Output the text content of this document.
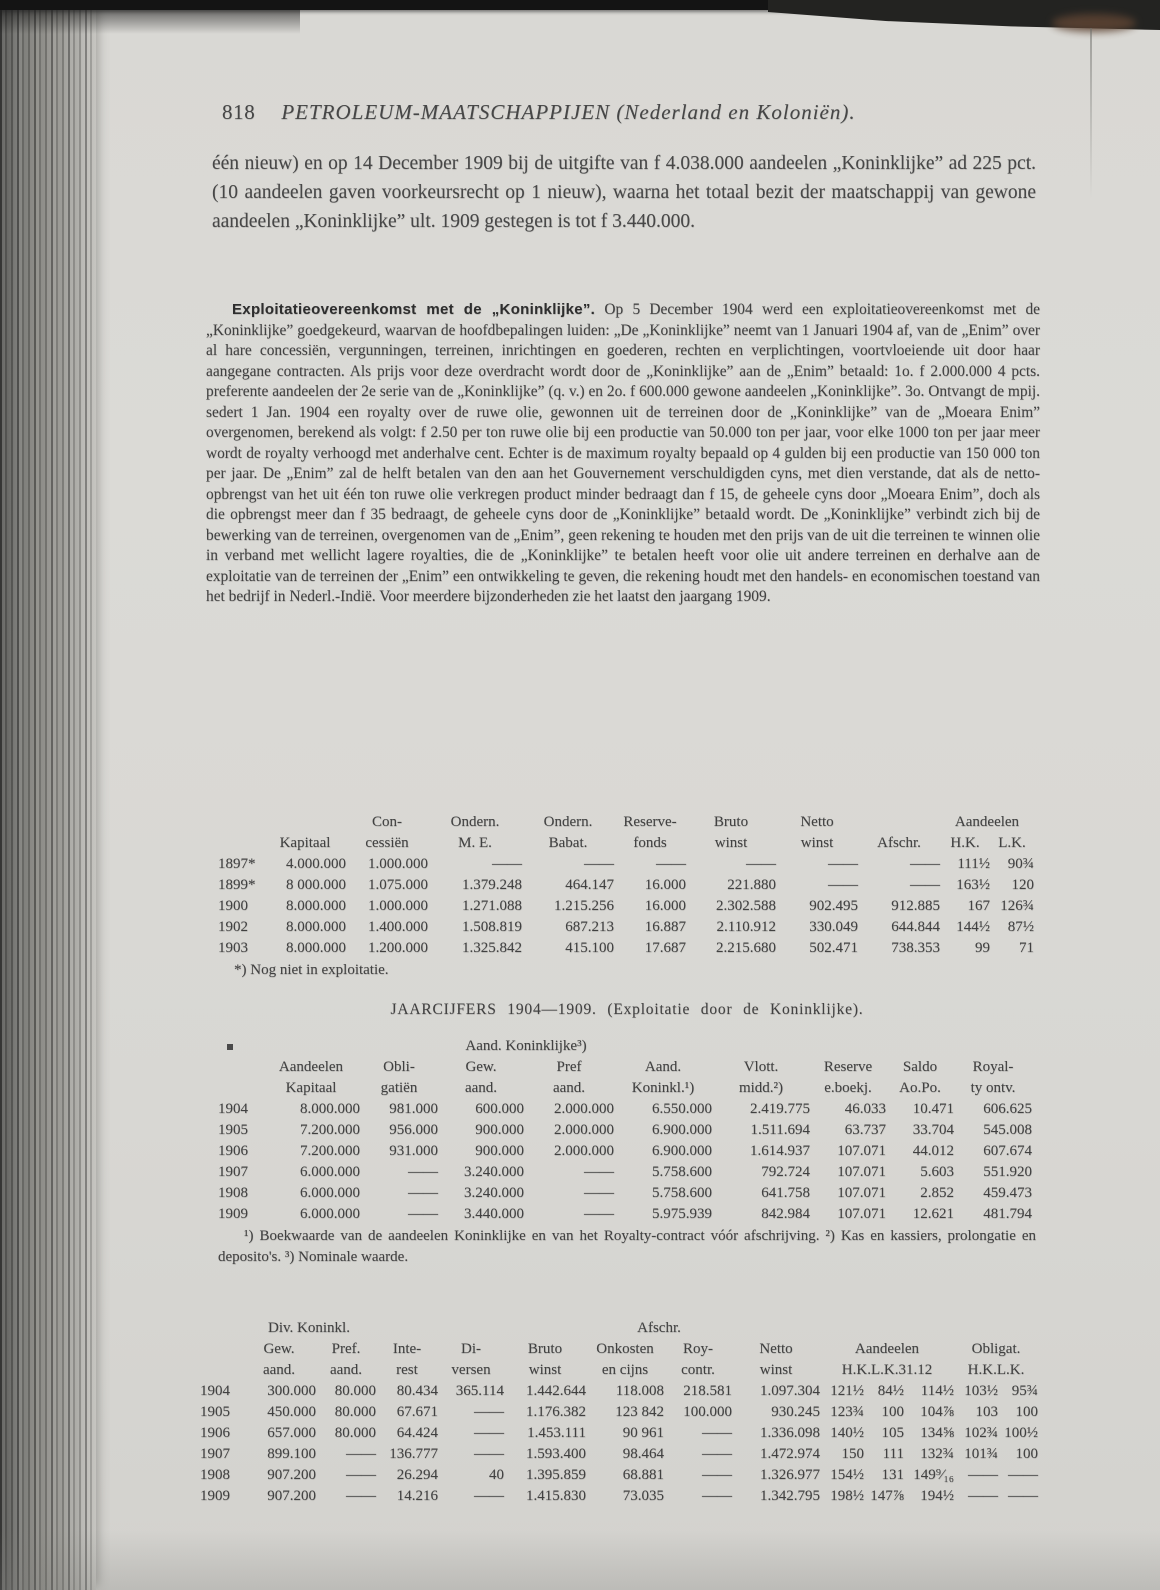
818 PETROLEUM-MAATSCHAPPIJEN (Nederland en Koloniën).
één nieuw) en op 14 December 1909 bij de uitgifte van f 4.038.000 aandeelen „Koninklijke” ad 225 pct. (10 aandeelen gaven voorkeursrecht op 1 nieuw), waarna het totaal bezit der maatschappij van gewone aandeelen „Koninklijke” ult. 1909 gestegen is tot f 3.440.000.

Exploitatieovereenkomst met de „Koninklijke”. Op 5 December 1904 werd een exploitatieovereenkomst met de „Koninklijke” goedgekeurd, waarvan de hoofdbepalingen luiden: „De „Koninklijke” neemt van 1 Januari 1904 af, van de „Enim” over al hare concessiën, vergunningen, terreinen, inrichtingen en goederen, rechten en verplichtingen, voortvloeiende uit door haar aangegane contracten. Als prijs voor deze overdracht wordt door de „Koninklijke” aan de „Enim” betaald: 1o. f 2.000.000 4 pcts. preferente aandeelen der 2e serie van de „Koninklijke” (q. v.) en 2o. f 600.000 gewone aandeelen „Koninklijke”. 3o. Ontvangt de mpij. sedert 1 Jan. 1904 een royalty over de ruwe olie, gewonnen uit de terreinen door de „Koninklijke” van de „Moeara Enim” overgenomen, berekend als volgt: f 2.50 per ton ruwe olie bij een productie van 50.000 ton per jaar, voor elke 1000 ton per jaar meer wordt de royalty verhoogd met anderhalve cent. Echter is de maximum royalty bepaald op 4 gulden bij een productie van 150 000 ton per jaar. De „Enim” zal de helft betalen van den aan het Gouvernement verschuldigden cyns, met dien verstande, dat als de netto-opbrengst van het uit één ton ruwe olie verkregen product minder bedraagt dan f 15, de geheele cyns door „Moeara Enim”, doch als die opbrengst meer dan f 35 bedraagt, de geheele cyns door de „Koninklijke” betaald wordt. De „Koninklijke” verbindt zich bij de bewerking van de terreinen, overgenomen van de „Enim”, geen rekening te houden met den prijs van de uit die terreinen te winnen olie in verband met wellicht lagere royalties, die de „Koninklijke” te betalen heeft voor olie uit andere terreinen en derhalve aan de exploitatie van de terreinen der „Enim” een ontwikkeling te geven, die rekening houdt met den handels- en economischen toestand van het bedrijf in Nederl.-Indië. Voor meerdere bijzonderheden zie het laatst den jaargang 1909.

		Con-	Ondern.	Ondern.	Reserve-	Bruto	Netto		Aandeelen	
	Kapitaal	cessiën	M. E.	Babat.	fonds	winst	winst	Afschr.	H.K.	L.K.
1897*	4.000.000	1.000.000	——	——	——	——	——	——	111½	90¾
1899*	8 000.000	1.075.000	1.379.248	464.147	16.000	221.880	——	——	163½	120
1900	8.000.000	1.000.000	1.271.088	1.215.256	16.000	2.302.588	902.495	912.885	167	126¾
1902	8.000.000	1.400.000	1.508.819	687.213	16.887	2.110.912	330.049	644.844	144½	87½
1903	8.000.000	1.200.000	1.325.842	415.100	17.687	2.215.680	502.471	738.353	99	71
*) Nog niet in exploitatie.
JAARCIJFERS 1904—1909. (Exploitatie door de Koninklijke).
			Aand. Koninklijke³)						
	Aandeelen	Obli-	Gew.	Pref	Aand.	Vlott.	Reserve	Saldo	Royal-
	Kapitaal	gatiën	aand.	aand.	Koninkl.¹)	midd.²)	e.boekj.	Ao.Po.	ty ontv.
1904	8.000.000	981.000	600.000	2.000.000	6.550.000	2.419.775	46.033	10.471	606.625
1905	7.200.000	956.000	900.000	2.000.000	6.900.000	1.511.694	63.737	33.704	545.008
1906	7.200.000	931.000	900.000	2.000.000	6.900.000	1.614.937	107.071	44.012	607.674
1907	6.000.000	——	3.240.000	——	5.758.600	792.724	107.071	5.603	551.920
1908	6.000.000	——	3.240.000	——	5.758.600	641.758	107.071	2.852	459.473
1909	6.000.000	——	3.440.000	——	5.975.939	842.984	107.071	12.621	481.794
¹) Boekwaarde van de aandeelen Koninklijke en van het Royalty-contract vóór afschrijving. ²) Kas en kassiers, prolongatie en deposito's. ³) Nominale waarde.
	Div. Koninkl.					Afschr.							
	Gew.	Pref.	Inte-	Di-	Bruto	Onkosten	Roy-	Netto	Aandeelen			Obligat.	
	aand.	aand.	rest	versen	winst	en cijns	contr.	winst	H.K.L.K.31.12			H.K.L.K.	
1904	300.000	80.000	80.434	365.114	1.442.644	118.008	218.581	1.097.304	121½	84½	114½	103½	95¾
1905	450.000	80.000	67.671	——	1.176.382	123 842	100.000	930.245	123¾	100	104⅞	103	100
1906	657.000	80.000	64.424	——	1.453.111	90 961	——	1.336.098	140½	105	134⅝	102¾	100½
1907	899.100	——	136.777	——	1.593.400	98.464	——	1.472.974	150	111	132¾	101¾	100
1908	907.200	——	26.294	40	1.395.859	68.881	——	1.326.977	154½	131	149⁹⁄₁₆	——	——
1909	907.200	——	14.216	——	1.415.830	73.035	——	1.342.795	198½	147⅞	194½	——	——
